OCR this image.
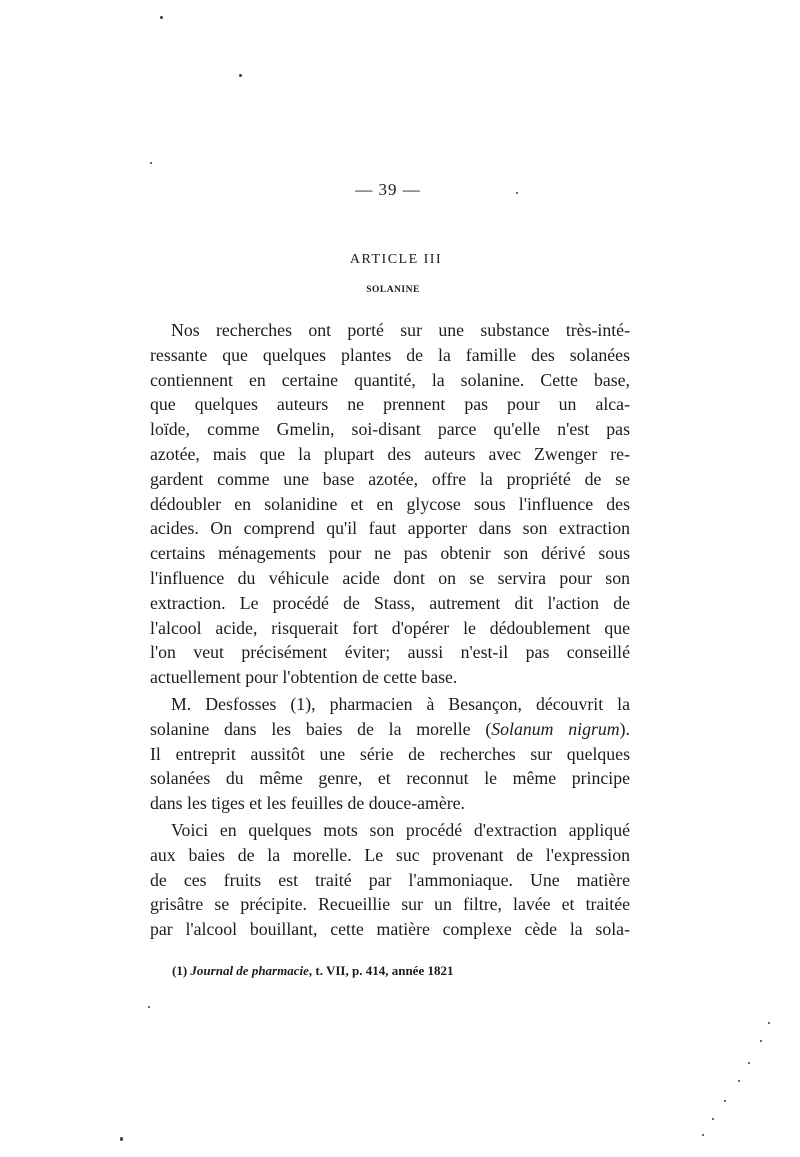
— 39 —
ARTICLE III
SOLANINE
Nos recherches ont porté sur une substance très-inté-
ressante que quelques plantes de la famille des solanées
contiennent en certaine quantité, la solanine. Cette base,
que quelques auteurs ne prennent pas pour un alca-
loïde, comme Gmelin, soi-disant parce qu'elle n'est pas
azotée, mais que la plupart des auteurs avec Zwenger re-
gardent comme une base azotée, offre la propriété de se
dédoubler en solanidine et en glycose sous l'influence des
acides. On comprend qu'il faut apporter dans son extraction
certains ménagements pour ne pas obtenir son dérivé sous
l'influence du véhicule acide dont on se servira pour son
extraction. Le procédé de Stass, autrement dit l'action de
l'alcool acide, risquerait fort d'opérer le dédoublement que
l'on veut précisément éviter; aussi n'est-il pas conseillé
actuellement pour l'obtention de cette base.
M. Desfosses (1), pharmacien à Besançon, découvrit la
solanine dans les baies de la morelle (Solanum nigrum).
Il entreprit aussitôt une série de recherches sur quelques
solanées du même genre, et reconnut le même principe
dans les tiges et les feuilles de douce-amère.
Voici en quelques mots son procédé d'extraction appliqué
aux baies de la morelle. Le suc provenant de l'expression
de ces fruits est traité par l'ammoniaque. Une matière
grisâtre se précipite. Recueillie sur un filtre, lavée et traitée
par l'alcool bouillant, cette matière complexe cède la sola-
(1) Journal de pharmacie, t. VII, p. 414, année 1821
